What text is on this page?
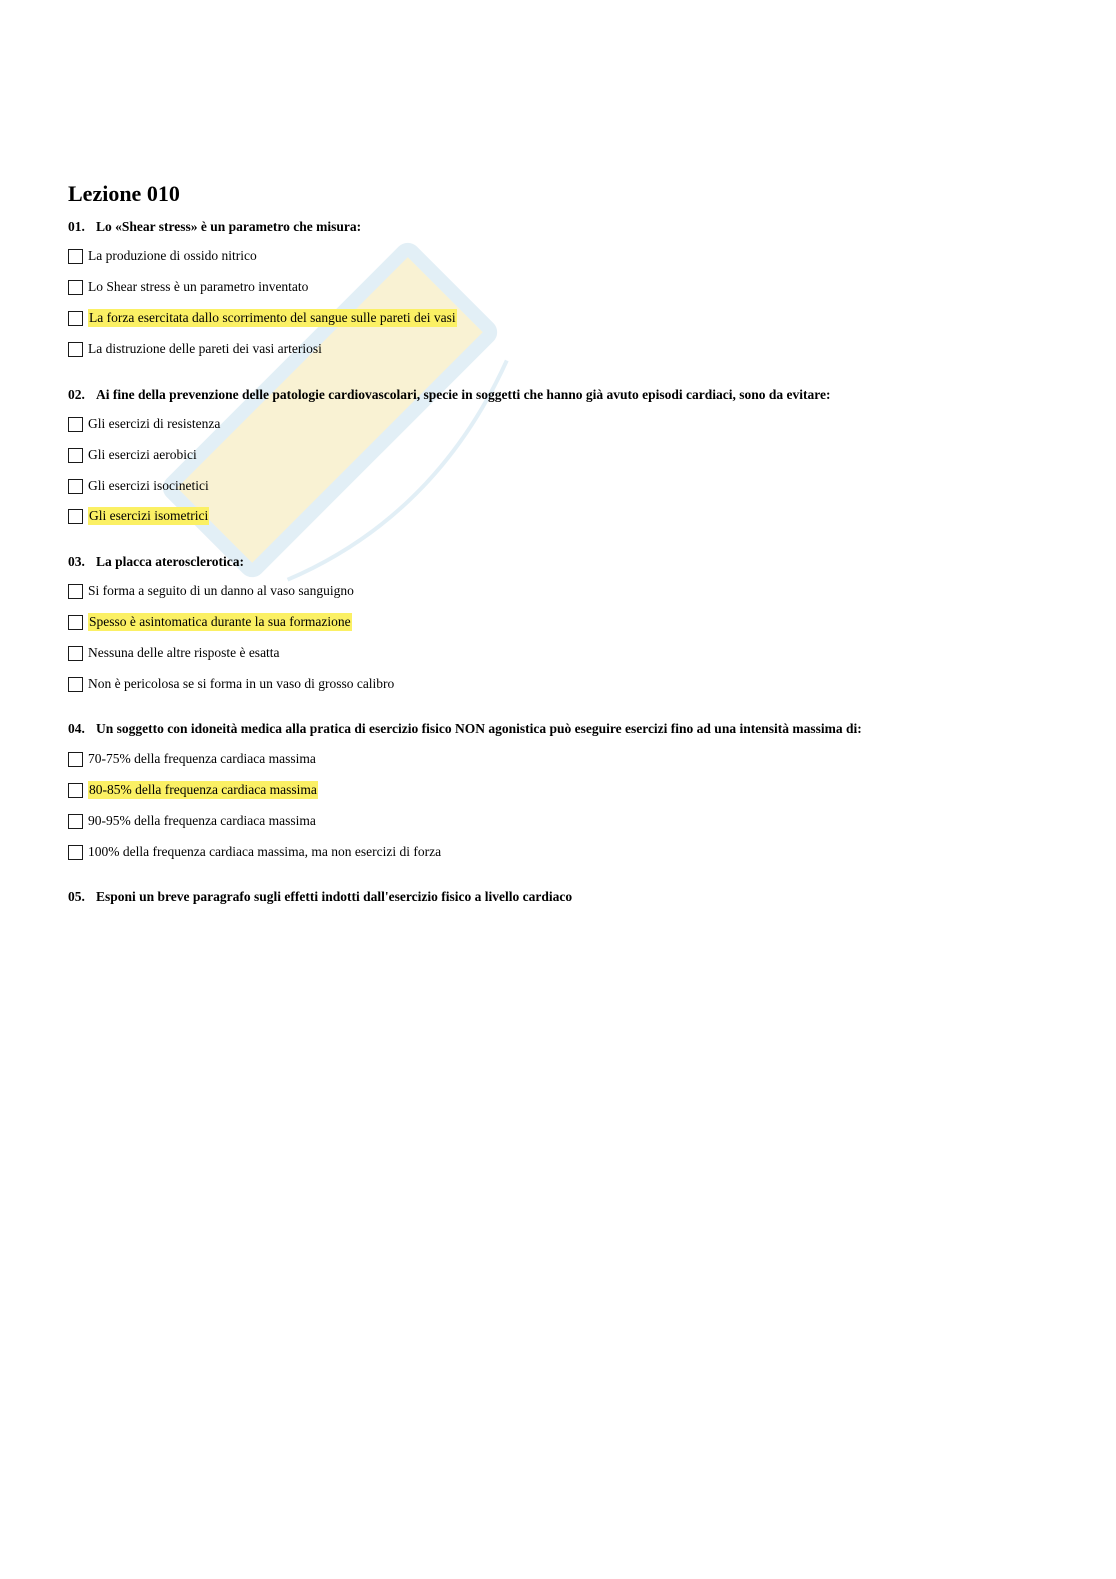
Lezione 010
01. Lo «Shear stress» è un parametro che misura:
La produzione di ossido nitrico
Lo Shear stress è un parametro inventato
La forza esercitata dallo scorrimento del sangue sulle pareti dei vasi
La distruzione delle pareti dei vasi arteriosi
02. Ai fine della prevenzione delle patologie cardiovascolari, specie in soggetti che hanno già avuto episodi cardiaci, sono da evitare:
Gli esercizi di resistenza
Gli esercizi aerobici
Gli esercizi isocinetici
Gli esercizi isometrici
03. La placca aterosclerotica:
Si forma a seguito di un danno al vaso sanguigno
Spesso è asintomatica durante la sua formazione
Nessuna delle altre risposte è esatta
Non è pericolosa se si forma in un vaso di grosso calibro
04. Un soggetto con idoneità medica alla pratica di esercizio fisico NON agonistica può eseguire esercizi fino ad una intensità massima di:
70-75% della frequenza cardiaca massima
80-85% della frequenza cardiaca massima
90-95% della frequenza cardiaca massima
100% della frequenza cardiaca massima, ma non esercizi di forza
05. Esponi un breve paragrafo sugli effetti indotti dall'esercizio fisico a livello cardiaco
